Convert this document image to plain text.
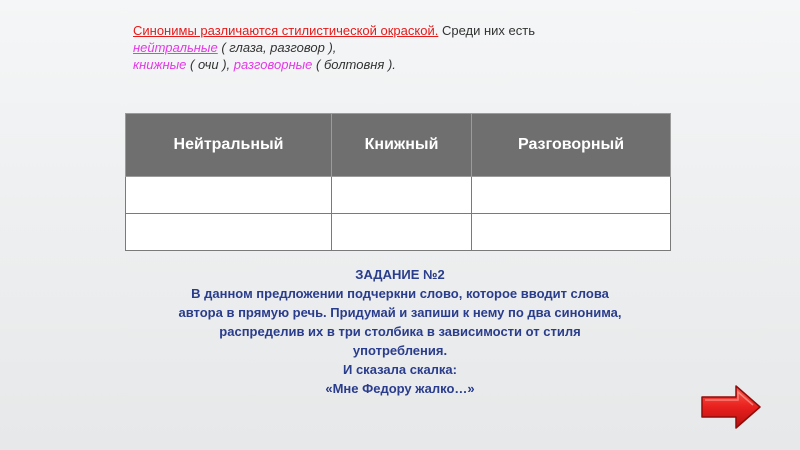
Синонимы различаются стилистической окраской. Среди них есть
нейтральные ( глаза, разговор ),
книжные ( очи ), разговорные ( болтовня ).
Нейтральный	Книжный	Разговорный

ЗАДАНИЕ №2
В данном предложении подчеркни слово, которое вводит слова
автора в прямую речь. Придумай и запиши к нему по два синонима,
распределив их в три столбика в зависимости от стиля
употребления.
И сказала скалка:
«Мне Федору жалко…»
